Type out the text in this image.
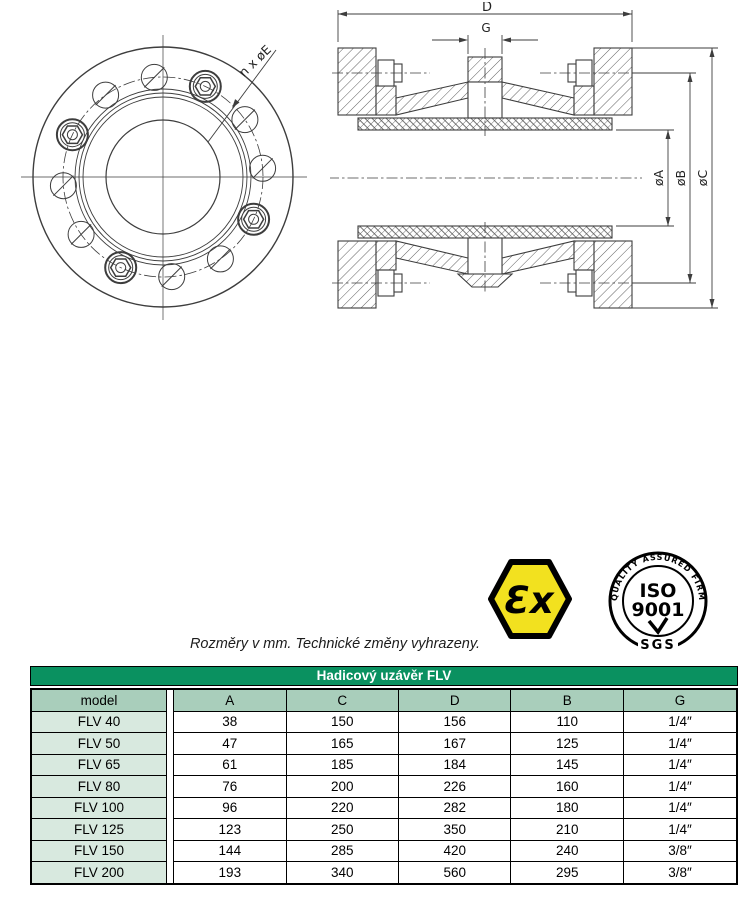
n x øE
D
G
øA øB øC
Ɛx	QUALITY ASSURED FIRM
ISO
9001
SGS
Rozměry v mm. Technické změny vyhrazeny.
Hadicový uzávěr FLV
model		A	C	D	B	G
FLV 40		38	150	156	110	1/4″
FLV 50		47	165	167	125	1/4″
FLV 65		61	185	184	145	1/4″
FLV 80		76	200	226	160	1/4″
FLV 100		96	220	282	180	1/4″
FLV 125		123	250	350	210	1/4″
FLV 150		144	285	420	240	3/8″
FLV 200		193	340	560	295	3/8″
